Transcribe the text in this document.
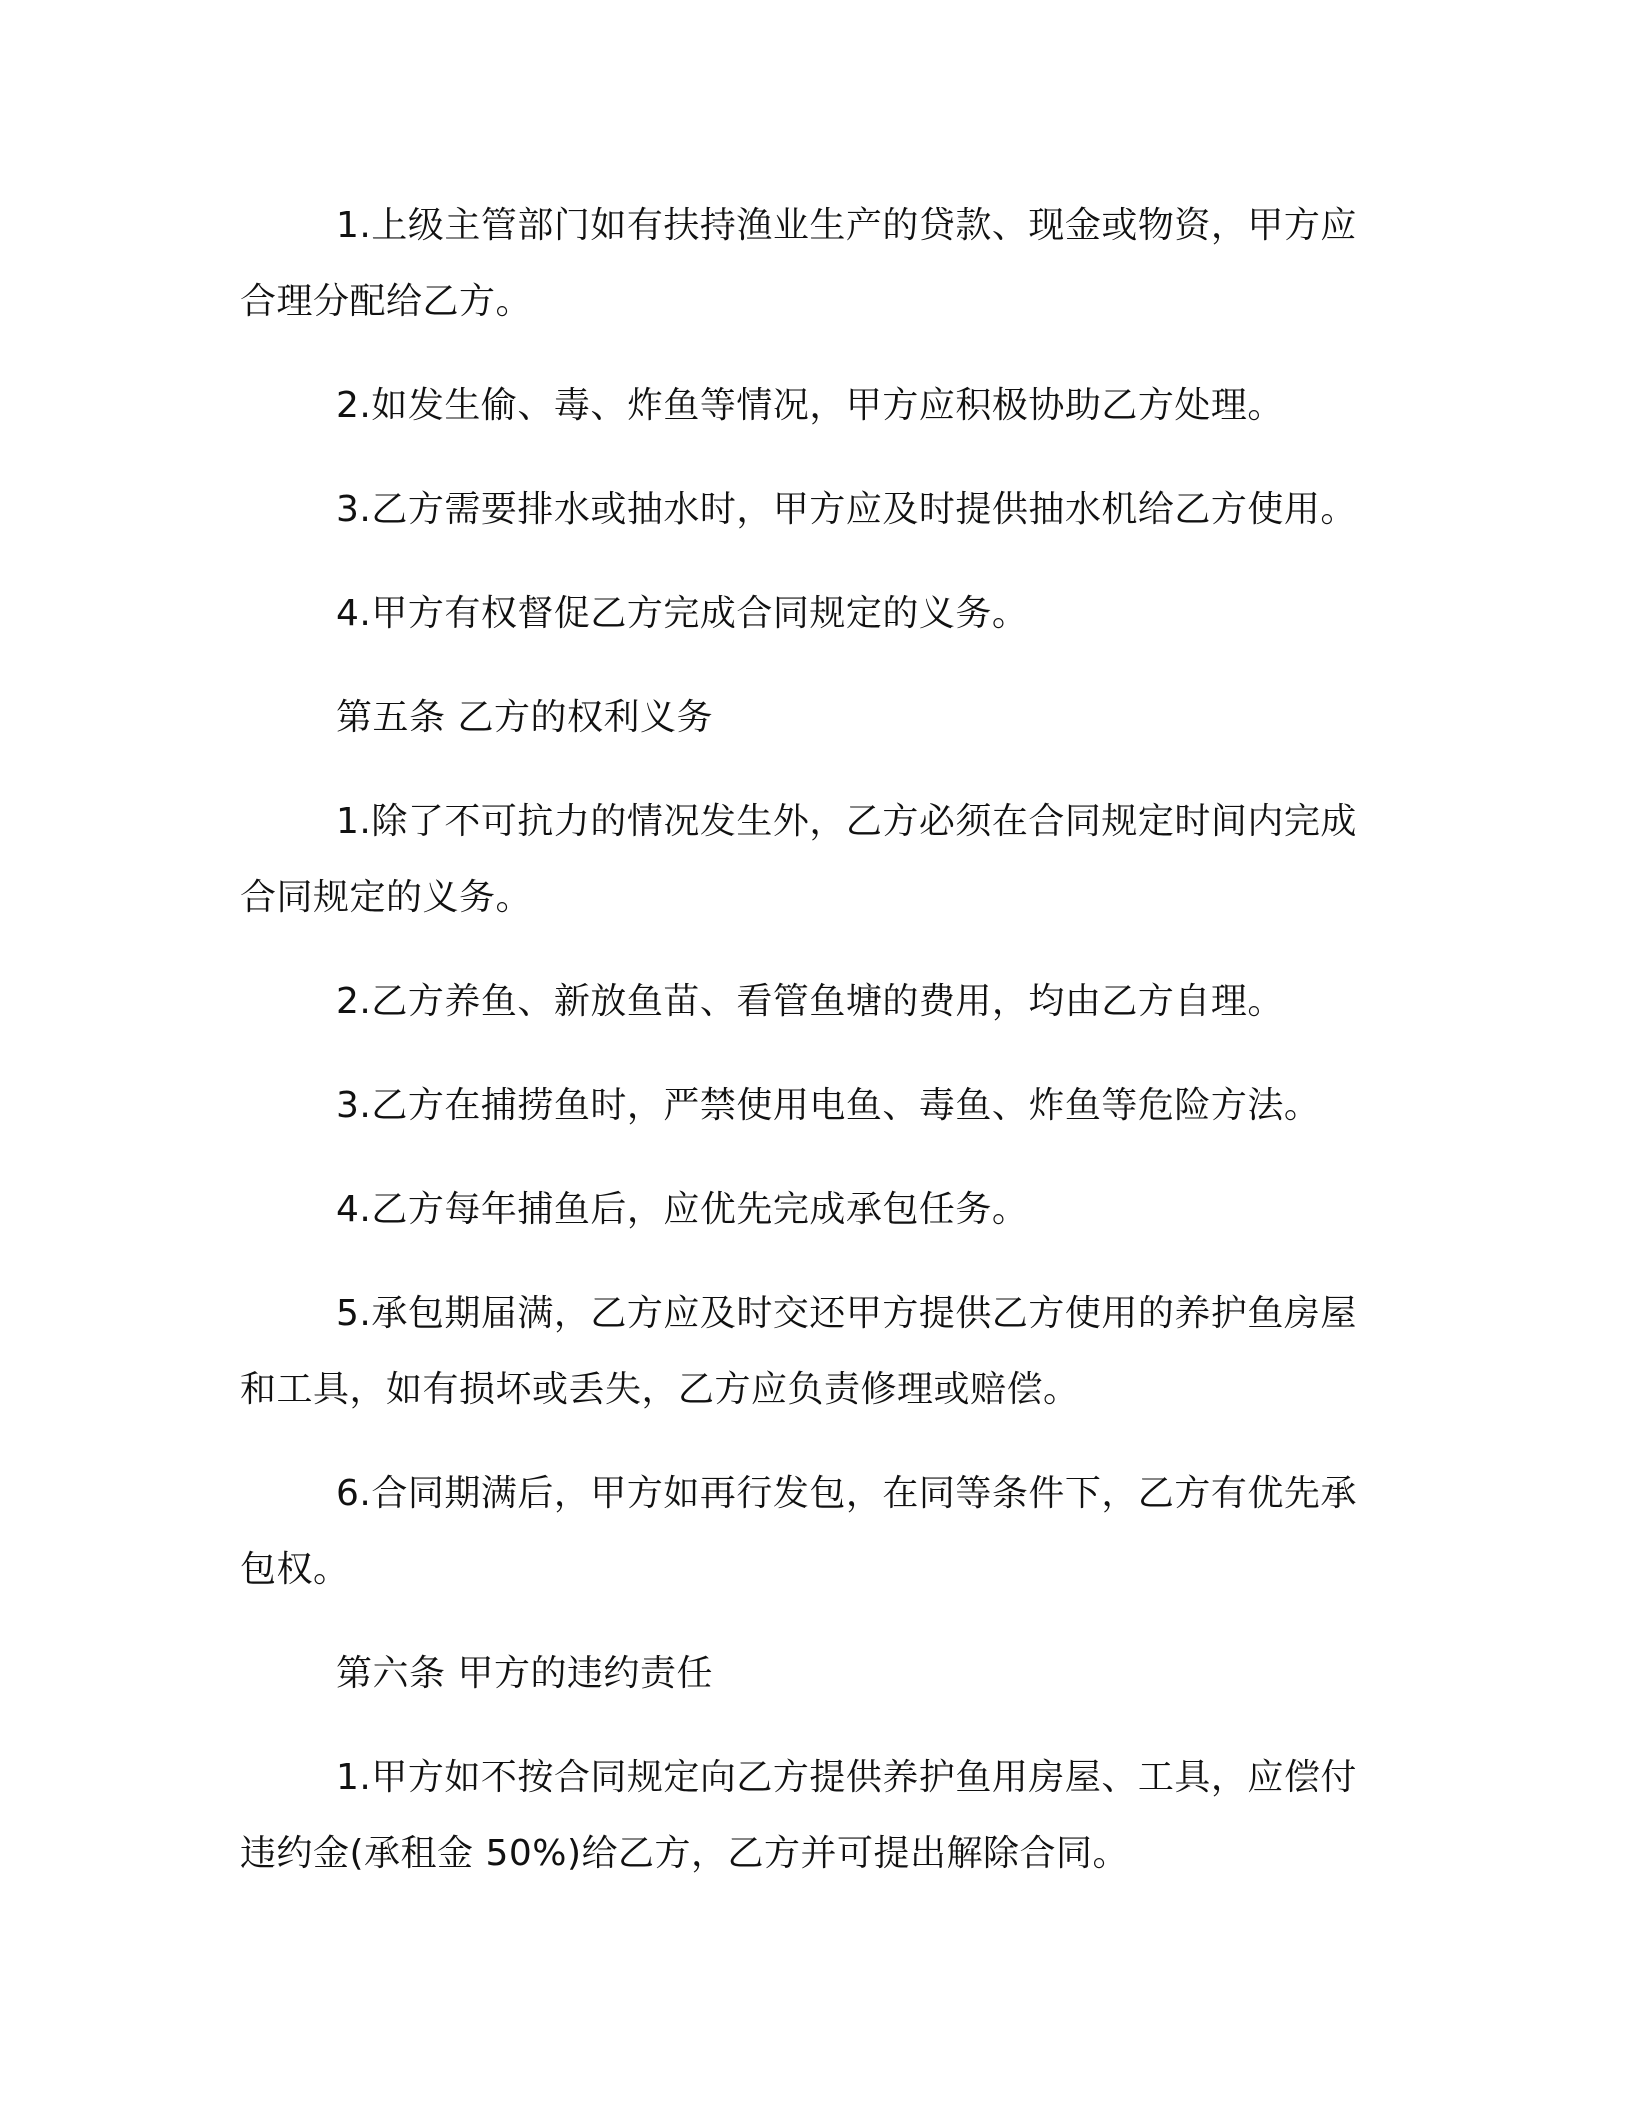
1.上级主管部门如有扶持渔业生产的贷款、现金或物资，甲方应合理分配给乙方。

2.如发生偷、毒、炸鱼等情况，甲方应积极协助乙方处理。

3.乙方需要排水或抽水时，甲方应及时提供抽水机给乙方使用。

4.甲方有权督促乙方完成合同规定的义务。

第五条 乙方的权利义务

1.除了不可抗力的情况发生外，乙方必须在合同规定时间内完成合同规定的义务。

2.乙方养鱼、新放鱼苗、看管鱼塘的费用，均由乙方自理。

3.乙方在捕捞鱼时，严禁使用电鱼、毒鱼、炸鱼等危险方法。

4.乙方每年捕鱼后，应优先完成承包任务。

5.承包期届满，乙方应及时交还甲方提供乙方使用的养护鱼房屋和工具，如有损坏或丢失，乙方应负责修理或赔偿。

6.合同期满后，甲方如再行发包，在同等条件下，乙方有优先承包权。

第六条 甲方的违约责任

1.甲方如不按合同规定向乙方提供养护鱼用房屋、工具，应偿付违约金(承租金 50%)给乙方，乙方并可提出解除合同。
